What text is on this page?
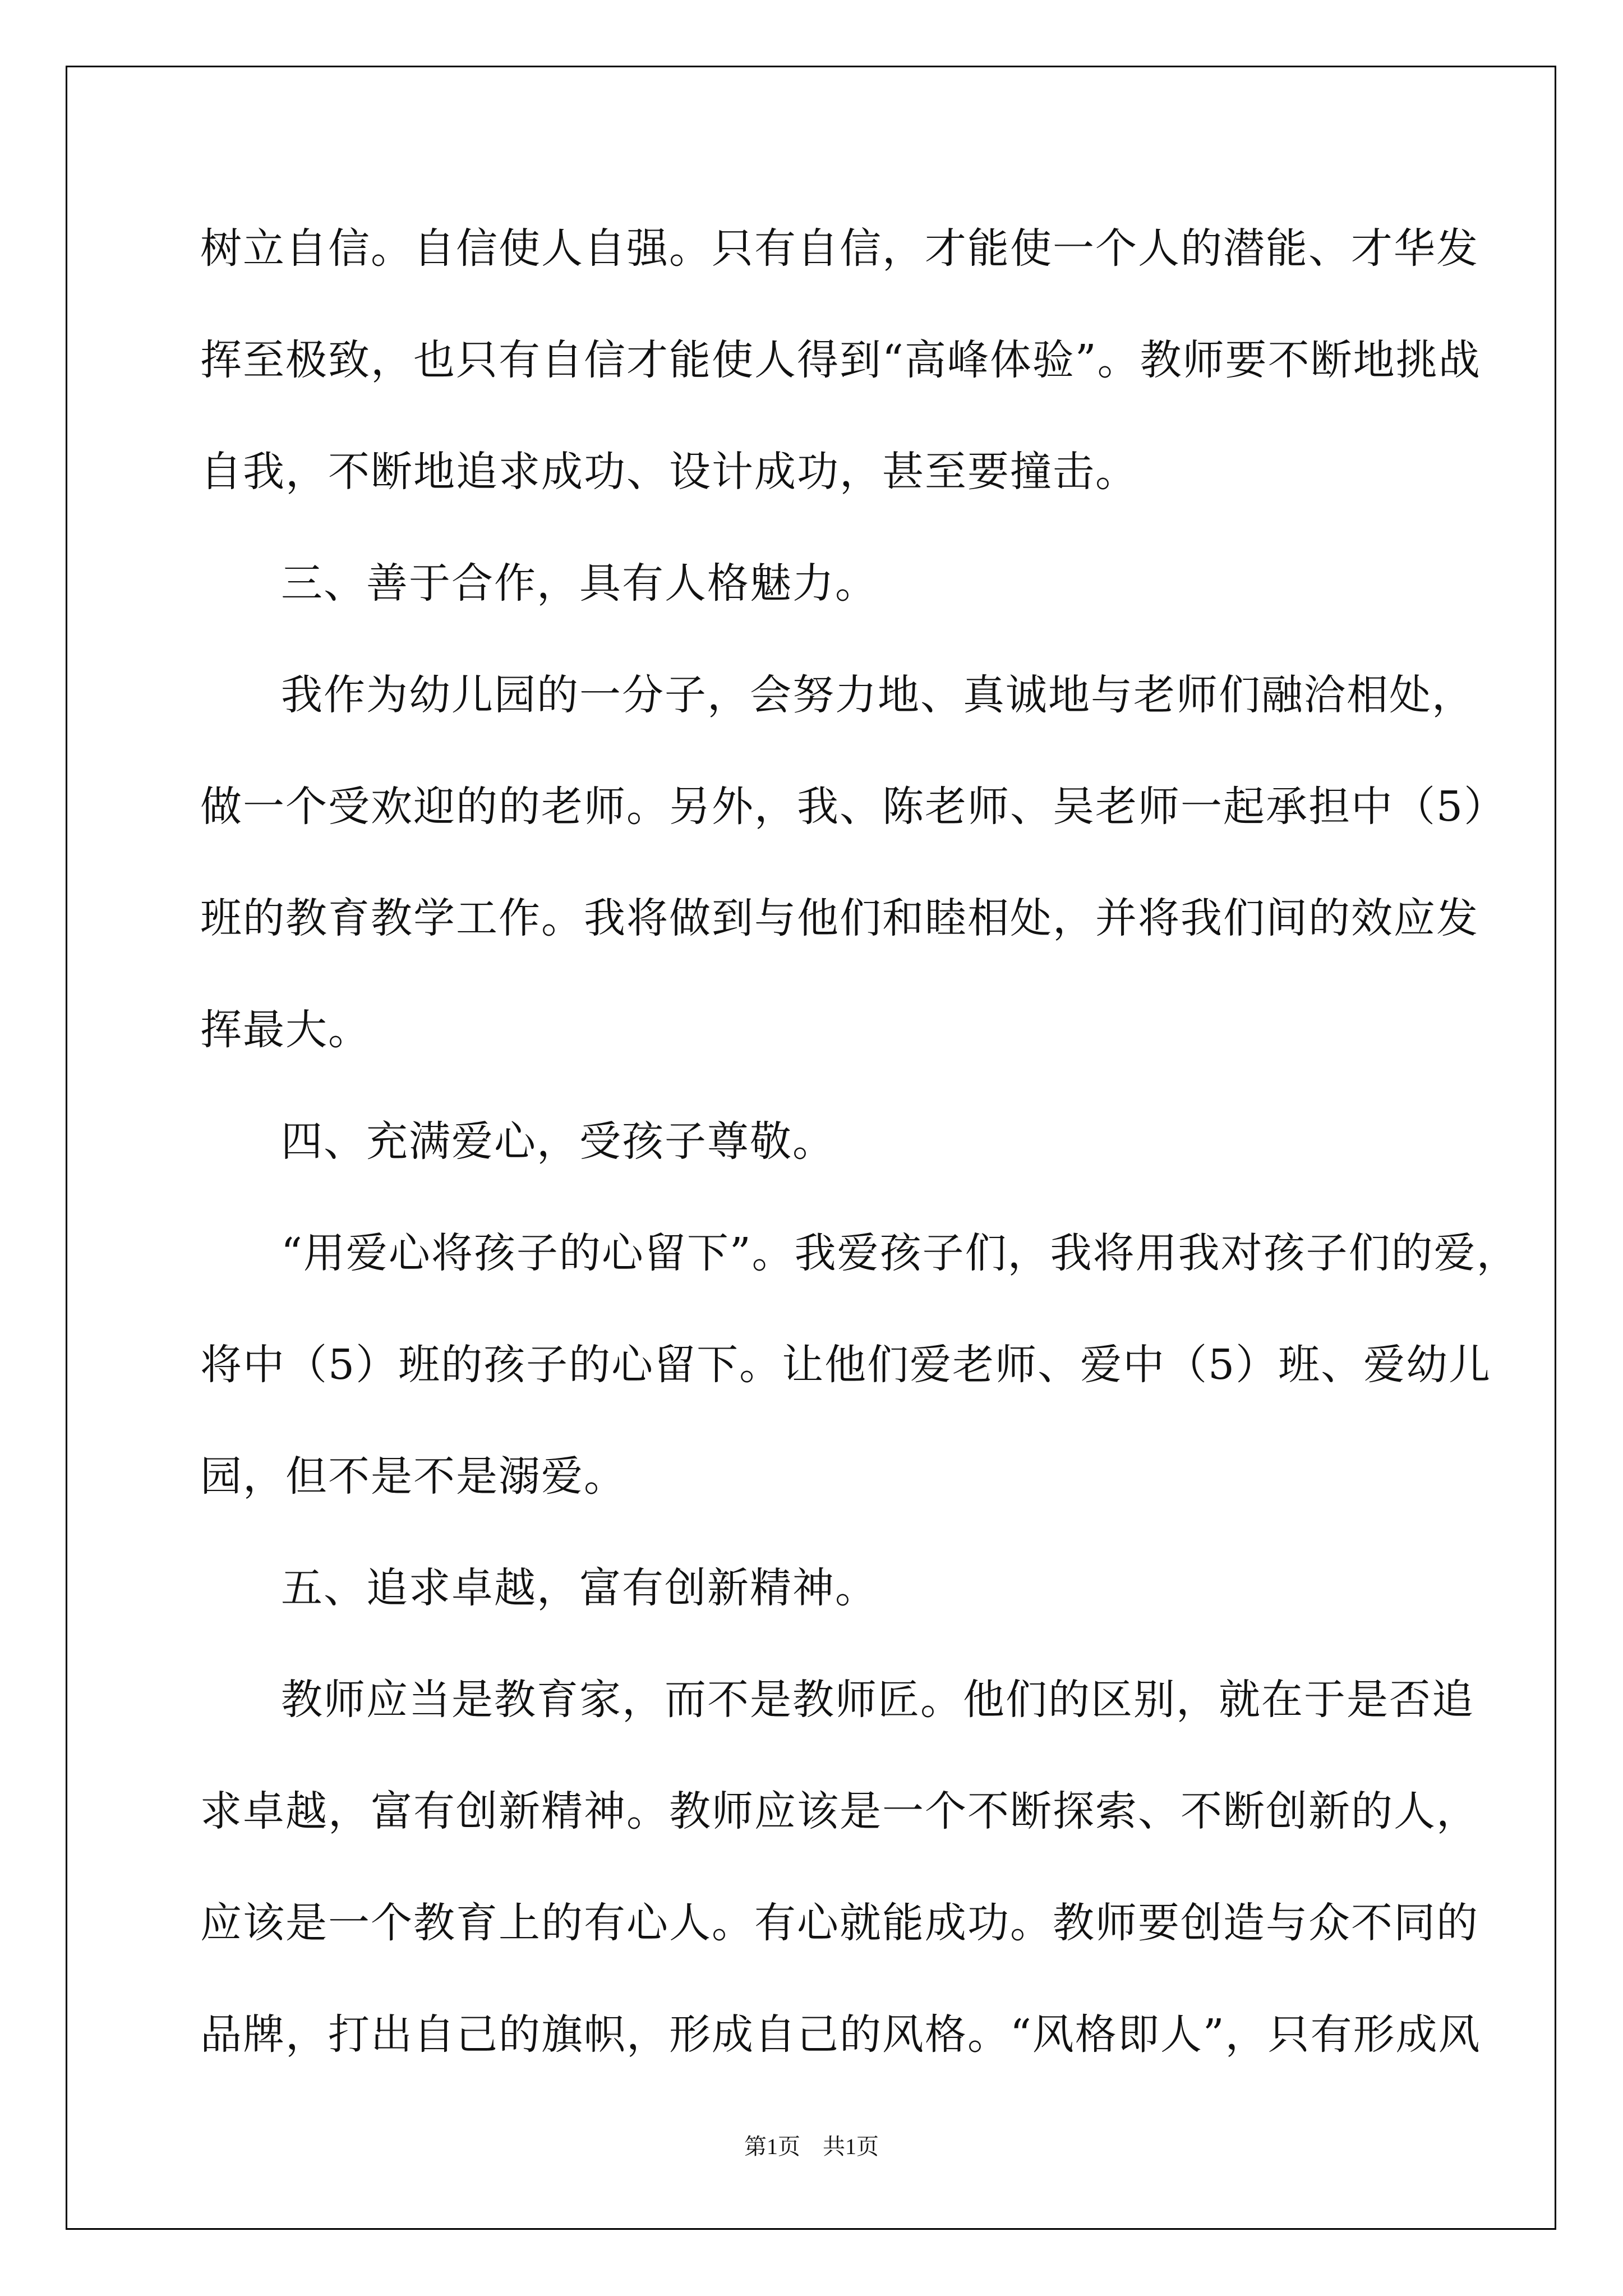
树立自信。自信使人自强。只有自信，才能使一个人的潜能、才华发
挥至极致，也只有自信才能使人得到“高峰体验”。教师要不断地挑战
自我，不断地追求成功、设计成功，甚至要撞击。
三、善于合作，具有人格魅力。
我作为幼儿园的一分子，会努力地、真诚地与老师们融洽相处，
做一个受欢迎的的老师。另外，我、陈老师、吴老师一起承担中（5）
班的教育教学工作。我将做到与他们和睦相处，并将我们间的效应发
挥最大。
四、充满爱心，受孩子尊敬。
“用爱心将孩子的心留下”。我爱孩子们，我将用我对孩子们的爱，
将中（5）班的孩子的心留下。让他们爱老师、爱中（5）班、爱幼儿
园，但不是不是溺爱。
五、追求卓越，富有创新精神。
教师应当是教育家，而不是教师匠。他们的区别，就在于是否追
求卓越，富有创新精神。教师应该是一个不断探索、不断创新的人，
应该是一个教育上的有心人。有心就能成功。教师要创造与众不同的
品牌，打出自己的旗帜，形成自己的风格。“风格即人”，只有形成风
第1页　共1页
